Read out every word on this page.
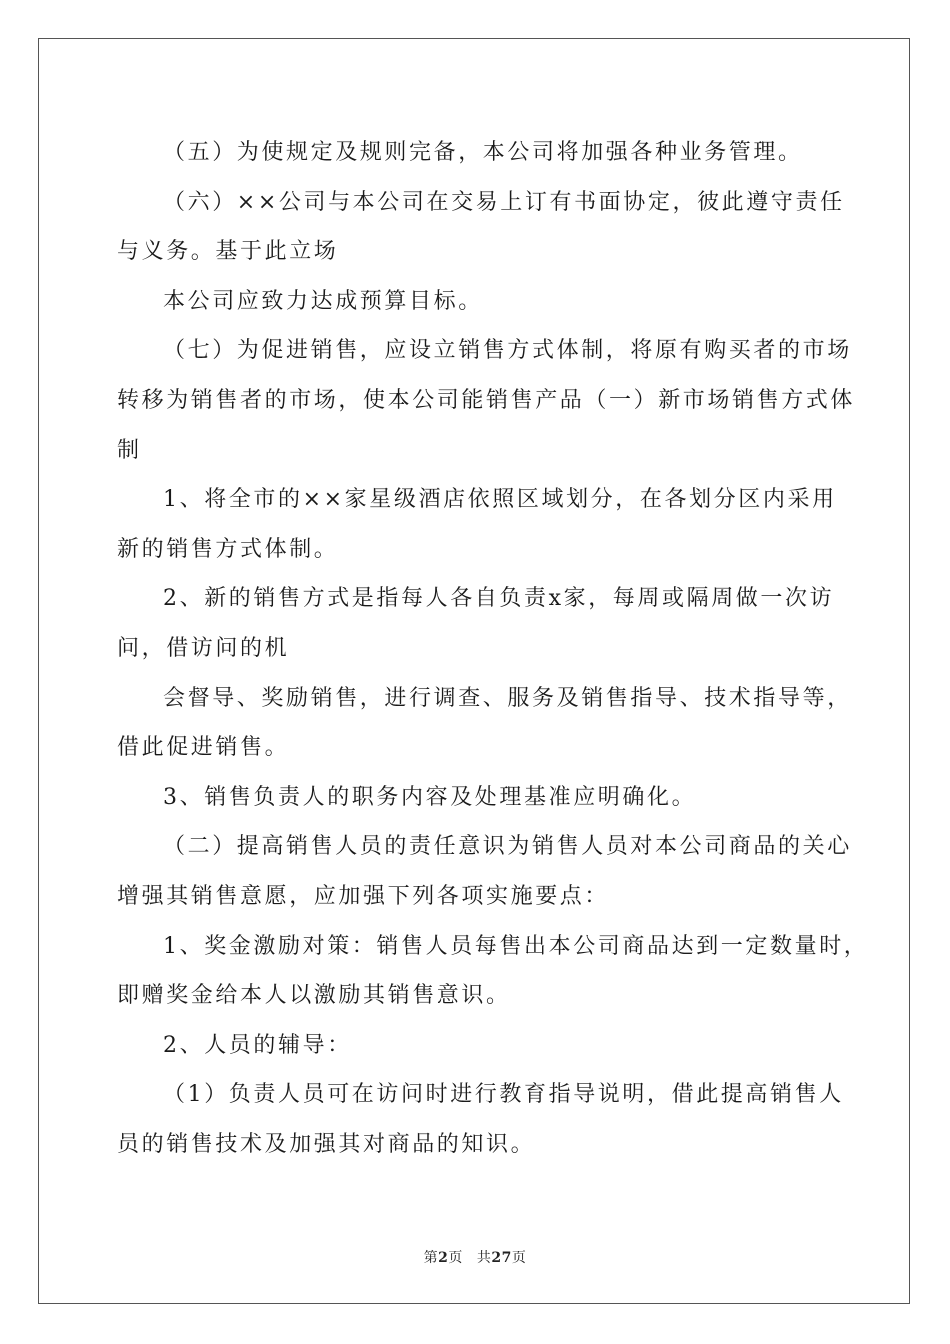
（五）为使规定及规则完备，本公司将加强各种业务管理。
（六）××公司与本公司在交易上订有书面协定，彼此遵守责任
与义务。基于此立场
本公司应致力达成预算目标。
（七）为促进销售，应设立销售方式体制，将原有购买者的市场
转移为销售者的市场，使本公司能销售产品（一）新市场销售方式体
制
1、将全市的××家星级酒店依照区域划分，在各划分区内采用
新的销售方式体制。
2、新的销售方式是指每人各自负责x家，每周或隔周做一次访
问，借访问的机
会督导、奖励销售，进行调查、服务及销售指导、技术指导等，
借此促进销售。
3、销售负责人的职务内容及处理基准应明确化。
（二）提高销售人员的责任意识为销售人员对本公司商品的关心
增强其销售意愿，应加强下列各项实施要点：
1、奖金激励对策：销售人员每售出本公司商品达到一定数量时，
即赠奖金给本人以激励其销售意识。
2、人员的辅导：
（1）负责人员可在访问时进行教育指导说明，借此提高销售人
员的销售技术及加强其对商品的知识。
第2页 共27页
